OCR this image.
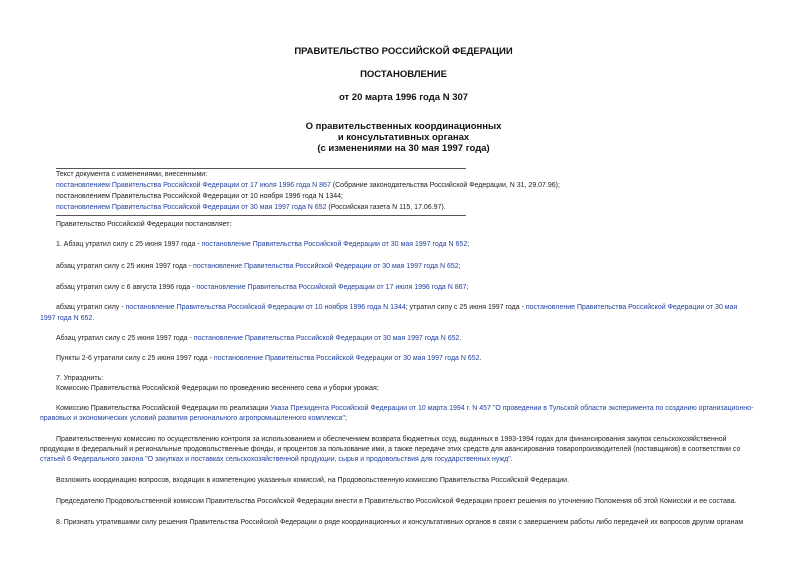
ПРАВИТЕЛЬСТВО РОССИЙСКОЙ ФЕДЕРАЦИИ
ПОСТАНОВЛЕНИЕ
от 20 марта 1996 года N 307
О правительственных координационных
и консультативных органах
(с изменениями на 30 мая 1997 года)
Текст документа с изменениями, внесенными:
постановлением Правительства Российской Федерации от 17 июля 1996 года N 867 (Собрание законодательства Российской Федерации, N 31, 29.07.96);
постановлением Правительства Российской Федерации от 10 ноября 1996 года N 1344;
постановлением Правительства Российской Федерации от 30 мая 1997 года N 652 (Российская газета N 115, 17.06.97).
Правительство Российской Федерации постановляет:
1. Абзац утратил силу с 25 июня 1997 года - постановление Правительства Российской Федерации от 30 мая 1997 года N 652;
абзац утратил силу с 25 июня 1997 года - постановление Правительства Российской Федерации от 30 мая 1997 года N 652;
абзац утратил силу с 6 августа 1996 года - постановление Правительства Российской Федерации от 17 июля 1996 года N 867;
абзац утратил силу - постановление Правительства Российской Федерации от 10 ноября 1996 года N 1344; утратил силу с 25 июня 1997 года - постановление Правительства Российской Федерации от 30 мая
1997 года N 652.
Абзац утратил силу с 25 июня 1997 года - постановление Правительства Российской Федерации от 30 мая 1997 года N 652.
Пункты 2-6 утратили силу с 25 июня 1997 года - постановление Правительства Российской Федерации от 30 мая 1997 года N 652.
7. Упразднить:
Комиссию Правительства Российской Федерации по проведению весеннего сева и уборки урожая;
Комиссию Правительства Российской Федерации по реализации Указа Президента Российской Федерации от 10 марта 1994 г. N 457 "О проведении в Тульской области эксперимента по созданию организационно-
правовых и экономических условий развития регионального агропромышленного комплекса";
Правительственную комиссию по осуществлению контроля за использованием и обеспечением возврата бюджетных ссуд, выданных в 1993-1994 годах для финансирования закупок сельскохозяйственной
продукции в федеральный и региональные продовольственные фонды, и процентов за пользование ими, а также передаче этих средств для авансирования товаропроизводителей (поставщиков) в соответствии со
статьей 6 Федерального закона "О закупках и поставках сельскохозяйственной продукции, сырья и продовольствия для государственных нужд".
Возложить координацию вопросов, входящих в компетенцию указанных комиссий, на Продовольственную комиссию Правительства Российской Федерации.
Председателю Продовольственной комиссии Правительства Российской Федерации внести в Правительство Российской Федерации проект решения по уточнению Положения об этой Комиссии и ее состава.
8. Признать утратившими силу решения Правительства Российской Федерации о ряде координационных и консультативных органов в связи с завершением работы либо передачей их вопросов другим органам
